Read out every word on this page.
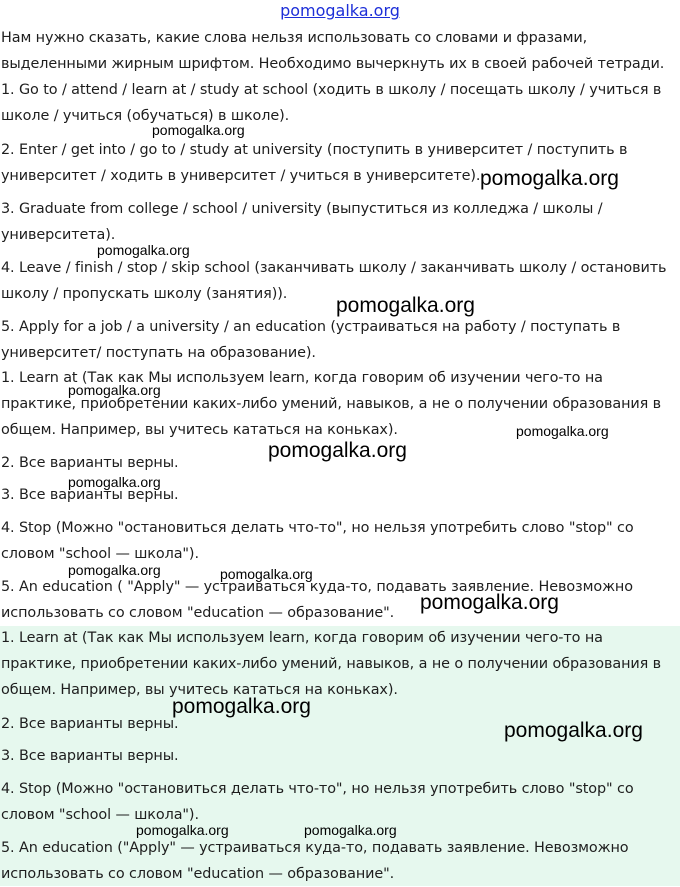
pomogalka.org
Нам нужно сказать, какие слова нельзя использовать со словами и фразами, выделенными жирным шрифтом. Необходимо вычеркнуть их в своей рабочей тетради.
1. Go to / attend / learn at / study at school (ходить в школу / посещать школу / учиться в школе / учиться (обучаться) в школе).
2. Enter / get into / go to / study at university (поступить в университет / поступить в университет / ходить в университет / учиться в университете).
3. Graduate from college / school / university (выпуститься из колледжа / школы / университета).
4. Leave / finish / stop / skip school (заканчивать школу / заканчивать школу / остановить школу / пропускать школу (занятия)).
5. Apply for a job / a university / an education (устраиваться на работу / поступать в университет/ поступать на образование).
1. Learn at (Так как Мы используем learn, когда говорим об изучении чего-то на практике, приобретении каких-либо умений, навыков, а не о получении образования в общем. Например, вы учитесь кататься на коньках).
2. Все варианты верны.
3. Все варианты верны.
4. Stop (Можно "остановиться делать что-то", но нельзя употребить слово "stop" со словом "school — школа").
5. An education ( "Apply" — устраиваться куда-то, подавать заявление. Невозможно использовать со словом "education — образование".
1. Learn at (Так как Мы используем learn, когда говорим об изучении чего-то на практике, приобретении каких-либо умений, навыков, а не о получении образования в общем. Например, вы учитесь кататься на коньках).
2. Все варианты верны.
3. Все варианты верны.
4. Stop (Можно "остановиться делать что-то", но нельзя употребить слово "stop" со словом "school — школа").
5. An education ("Apply" — устраиваться куда-то, подавать заявление. Невозможно использовать со словом "education — образование".
pomogalka.org
pomogalka.org
pomogalka.org
pomogalka.org
pomogalka.org
pomogalka.org
pomogalka.org
pomogalka.org
pomogalka.org	pomogalka.org
pomogalka.org
pomogalka.org
pomogalka.org
pomogalka.org	pomogalka.org
